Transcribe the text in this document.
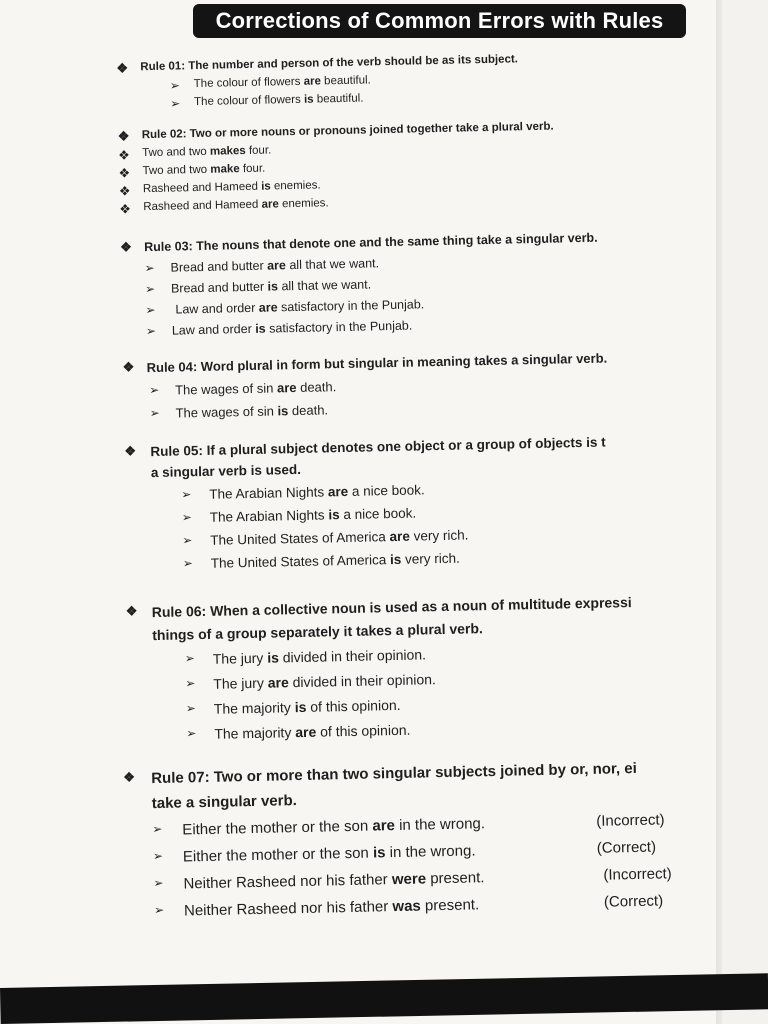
Corrections of Common Errors with Rules
❖ Rule 01: The number and person of the verb should be as its subject.
➢ The colour of flowers are beautiful.
➢ The colour of flowers is beautiful.
❖ Rule 02: Two or more nouns or pronouns joined together take a plural verb.
❖ Two and two makes four.
❖ Two and two make four.
❖ Rasheed and Hameed is enemies.
❖ Rasheed and Hameed are enemies.
❖ Rule 03: The nouns that denote one and the same thing take a singular verb.
➢ Bread and butter are all that we want.
➢ Bread and butter is all that we want.
➢ Law and order are satisfactory in the Punjab.
➢ Law and order is satisfactory in the Punjab.
❖ Rule 04: Word plural in form but singular in meaning takes a singular verb.
➢ The wages of sin are death.
➢ The wages of sin is death.
❖ Rule 05: If a plural subject denotes one object or a group of objects is t
a singular verb is used.
➢ The Arabian Nights are a nice book.
➢ The Arabian Nights is a nice book.
➢ The United States of America are very rich.
➢ The United States of America is very rich.
❖ Rule 06: When a collective noun is used as a noun of multitude expressi
things of a group separately it takes a plural verb.
➢ The jury is divided in their opinion.
➢ The jury are divided in their opinion.
➢ The majority is of this opinion.
➢ The majority are of this opinion.
❖ Rule 07: Two or more than two singular subjects joined by or, nor, ei
take a singular verb.
➢ Either the mother or the son are in the wrong.	(Incorrect)
➢ Either the mother or the son is in the wrong.	(Correct)
➢ Neither Rasheed nor his father were present.	(Incorrect)
➢ Neither Rasheed nor his father was present.	(Correct)
